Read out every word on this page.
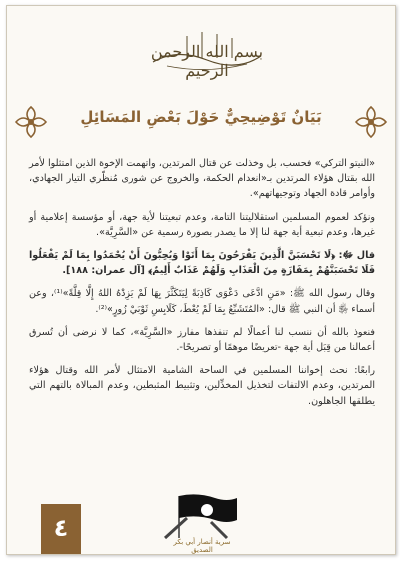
بسم الله الرحمن الرحيم
بَيَانٌ تَوْضِيحِيٌّ حَوْلَ بَعْضِ المَسَائِلِ

«النيتو التركي» فحسب، بل وخذلت عن قتال المرتدين، واتهمت الإخوة الذين امتثلوا لأمر الله بقتال هؤلاء المرتدين بـ«انعدام الحكمة، والخروج عن شورى مُنظّري التيار الجهادي، وأوامر قادة الجهاد وتوجيهاتهم».

ونؤكد لعموم المسلمين استقلاليتنا التامة، وعدم تبعيتنا لأية جهة، أو مؤسسة إعلامية أو غيرها، وعدم تبعية أية جهة لنا إلا ما يصدر بصورة رسمية عن «السَّرِيَّة».

قال ﷻ: ﴿لَا تَحْسَبَنَّ الَّذِينَ يَفْرَحُونَ بِمَا أَتَوْا وَيُحِبُّونَ أَنْ يُحْمَدُوا بِمَا لَمْ يَفْعَلُوا فَلَا تَحْسَبَنَّهُمْ بِمَفَازَةٍ مِنَ الْعَذَابِ وَلَهُمْ عَذَابٌ أَلِيمٌ﴾ [آل عمران: ١٨٨].

وقال رسول الله ﷺ: «مَنِ ادَّعَى دَعْوَى كَاذِبَةً لِيَتَكَثَّرَ بِهَا لَمْ يَزِدْهُ اللهُ إِلَّا قِلَّةً»⁽¹⁾، وعن أسماء ﵂ أن النبي ﷺ قال: «المُتَشَبِّعُ بِمَا لَمْ يُعْطَ، كَلَابِسِ ثَوْبَيْ زُورٍ»⁽²⁾.

فنعوذ بالله أن ننسب لنا أعمالًا لم تنفذها مفارز «السَّرِيَّة»، كما لا نرضى أن تُسرق أعمالنا من قِبَل أية جهة -تعريضًا موهمًا أو تصريحًا-.

رابعًا: نحث إخواننا المسلمين في الساحة الشامية الامتثال لأمر الله وقتال هؤلاء المرتدين، وعدم الالتفات لتخذيل المخذِّلين، وتثبيط المثبطين، وعدم المبالاة بالتهم التي يطلقها الجاهلون.

سرية أنصار أبي بكر الصديق
٤
